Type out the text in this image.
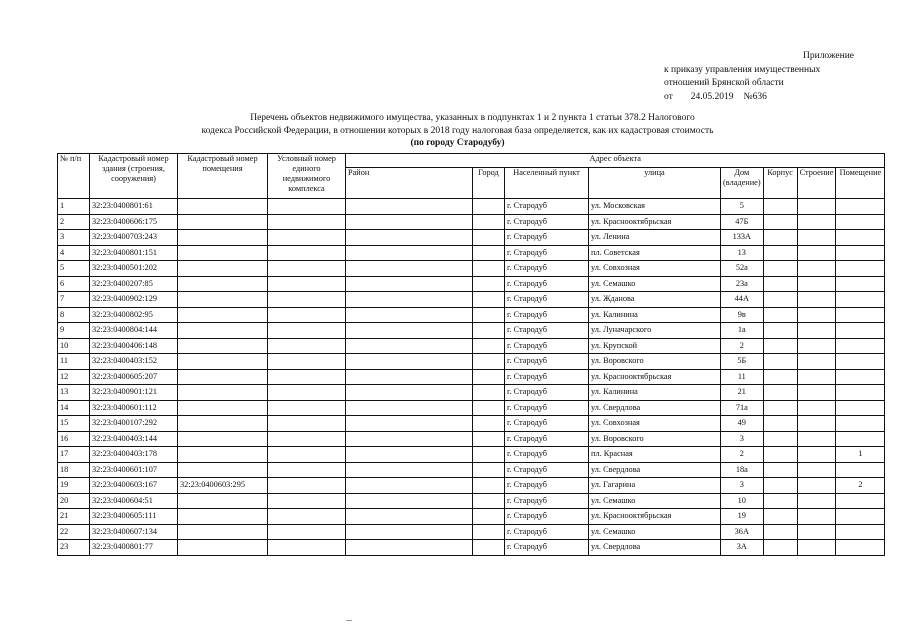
Приложение
к приказу управления имущественных
отношений Брянской области
от 24.05.2019 №636
Перечень объектов недвижимого имущества, указанных в подпунктах 1 и 2 пункта 1 статьи 378.2 Налогового
кодекса Российской Федерации, в отношении которых в 2018 году налоговая база определяется, как их кадастровая стоимость
(по городу Стародубу)
№ п/п	Кадастровый номер здания (строения, сооружения)	Кадастровый номер помещения	Условный номер единого недвижимого комплекса	Адрес объекта							
				Район	Город	Населенный пункт	улица	Дом (владение)	Корпус	Строение	Помещение
1	32:23:0400801:61					г. Стародуб	ул. Московская	5			
2	32:23:0400606:175					г. Стародуб	ул. Краснооктябрьская	47Б			
3	32:23:0400703:243					г. Стародуб	ул. Ленина	133А			
4	32:23:0400801:151					г. Стародуб	пл. Советская	13			
5	32:23:0400501:202					г. Стародуб	ул. Совхозная	52а			
6	32:23:0400207:85					г. Стародуб	ул. Семашко	23а			
7	32:23:0400902:129					г. Стародуб	ул. Жданова	44А			
8	32:23:0400802:95					г. Стародуб	ул. Калинина	9в			
9	32:23:0400804:144					г. Стародуб	ул. Луначарского	1а			
10	32:23:0400406:148					г. Стародуб	ул. Крупской	2			
11	32:23:0400403:152					г. Стародуб	ул. Воровского	5Б			
12	32:23:0400605:207					г. Стародуб	ул. Краснооктябрьская	11			
13	32:23:0400901:121					г. Стародуб	ул. Калинина	21			
14	32:23:0400601:112					г. Стародуб	ул. Свердлова	71а			
15	32:23:0400107:292					г. Стародуб	ул. Совхозная	49			
16	32:23:0400403:144					г. Стародуб	ул. Воровского	3			
17	32:23:0400403:178					г. Стародуб	пл. Красная	2			1
18	32:23:0400601:107					г. Стародуб	ул. Свердлова	18а			
19	32:23:0400603:167	32:23:0400603:295				г. Стародуб	ул. Гагарина	3			2
20	32:23:0400604:51					г. Стародуб	ул. Семашко	10			
21	32:23:0400605:111					г. Стародуб	ул. Краснооктябрьская	19			
22	32:23:0400607:134					г. Стародуб	ул. Семашко	36А			
23	32:23:0400801:77					г. Стародуб	ул. Свердлова	3А			
